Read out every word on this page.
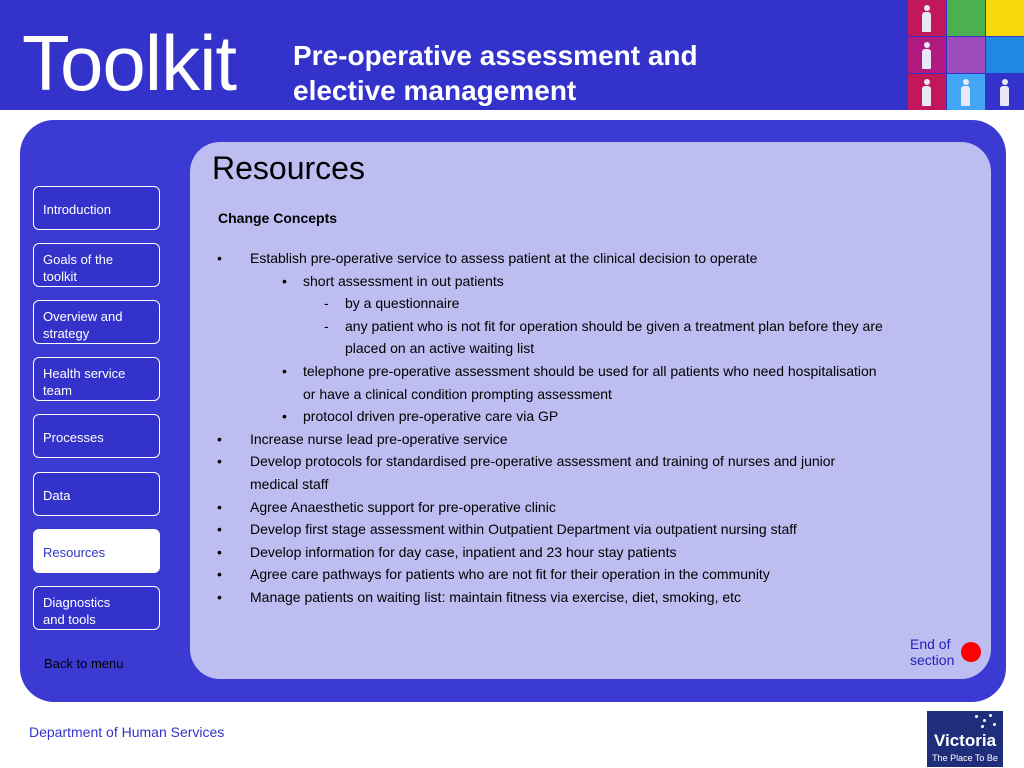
Toolkit Pre-operative assessment and
elective management
Resources
Change Concepts
• Establish pre-operative service to assess patient at the clinical decision to operate
• short assessment in out patients
- by a questionnaire
- any patient who is not fit for operation should be given a treatment plan before they are
placed on an active waiting list
• telephone pre-operative assessment should be used for all patients who need hospitalisation
or have a clinical condition prompting assessment
• protocol driven pre-operative care via GP
• Increase nurse lead pre-operative service
• Develop protocols for standardised pre-operative assessment and training of nurses and junior
medical staff
• Agree Anaesthetic support for pre-operative clinic
• Develop first stage assessment within Outpatient Department via outpatient nursing staff
• Develop information for day case, inpatient and 23 hour stay patients
• Agree care pathways for patients who are not fit for their operation in the community
• Manage patients on waiting list: maintain fitness via exercise, diet, smoking, etc
Introduction
Goals of the
toolkit
Overview and
strategy
Health service
team
Processes
Data
Resources
Diagnostics
and tools
Back to menu
End of
section
Department of Human Services	Victoria
The Place To Be
